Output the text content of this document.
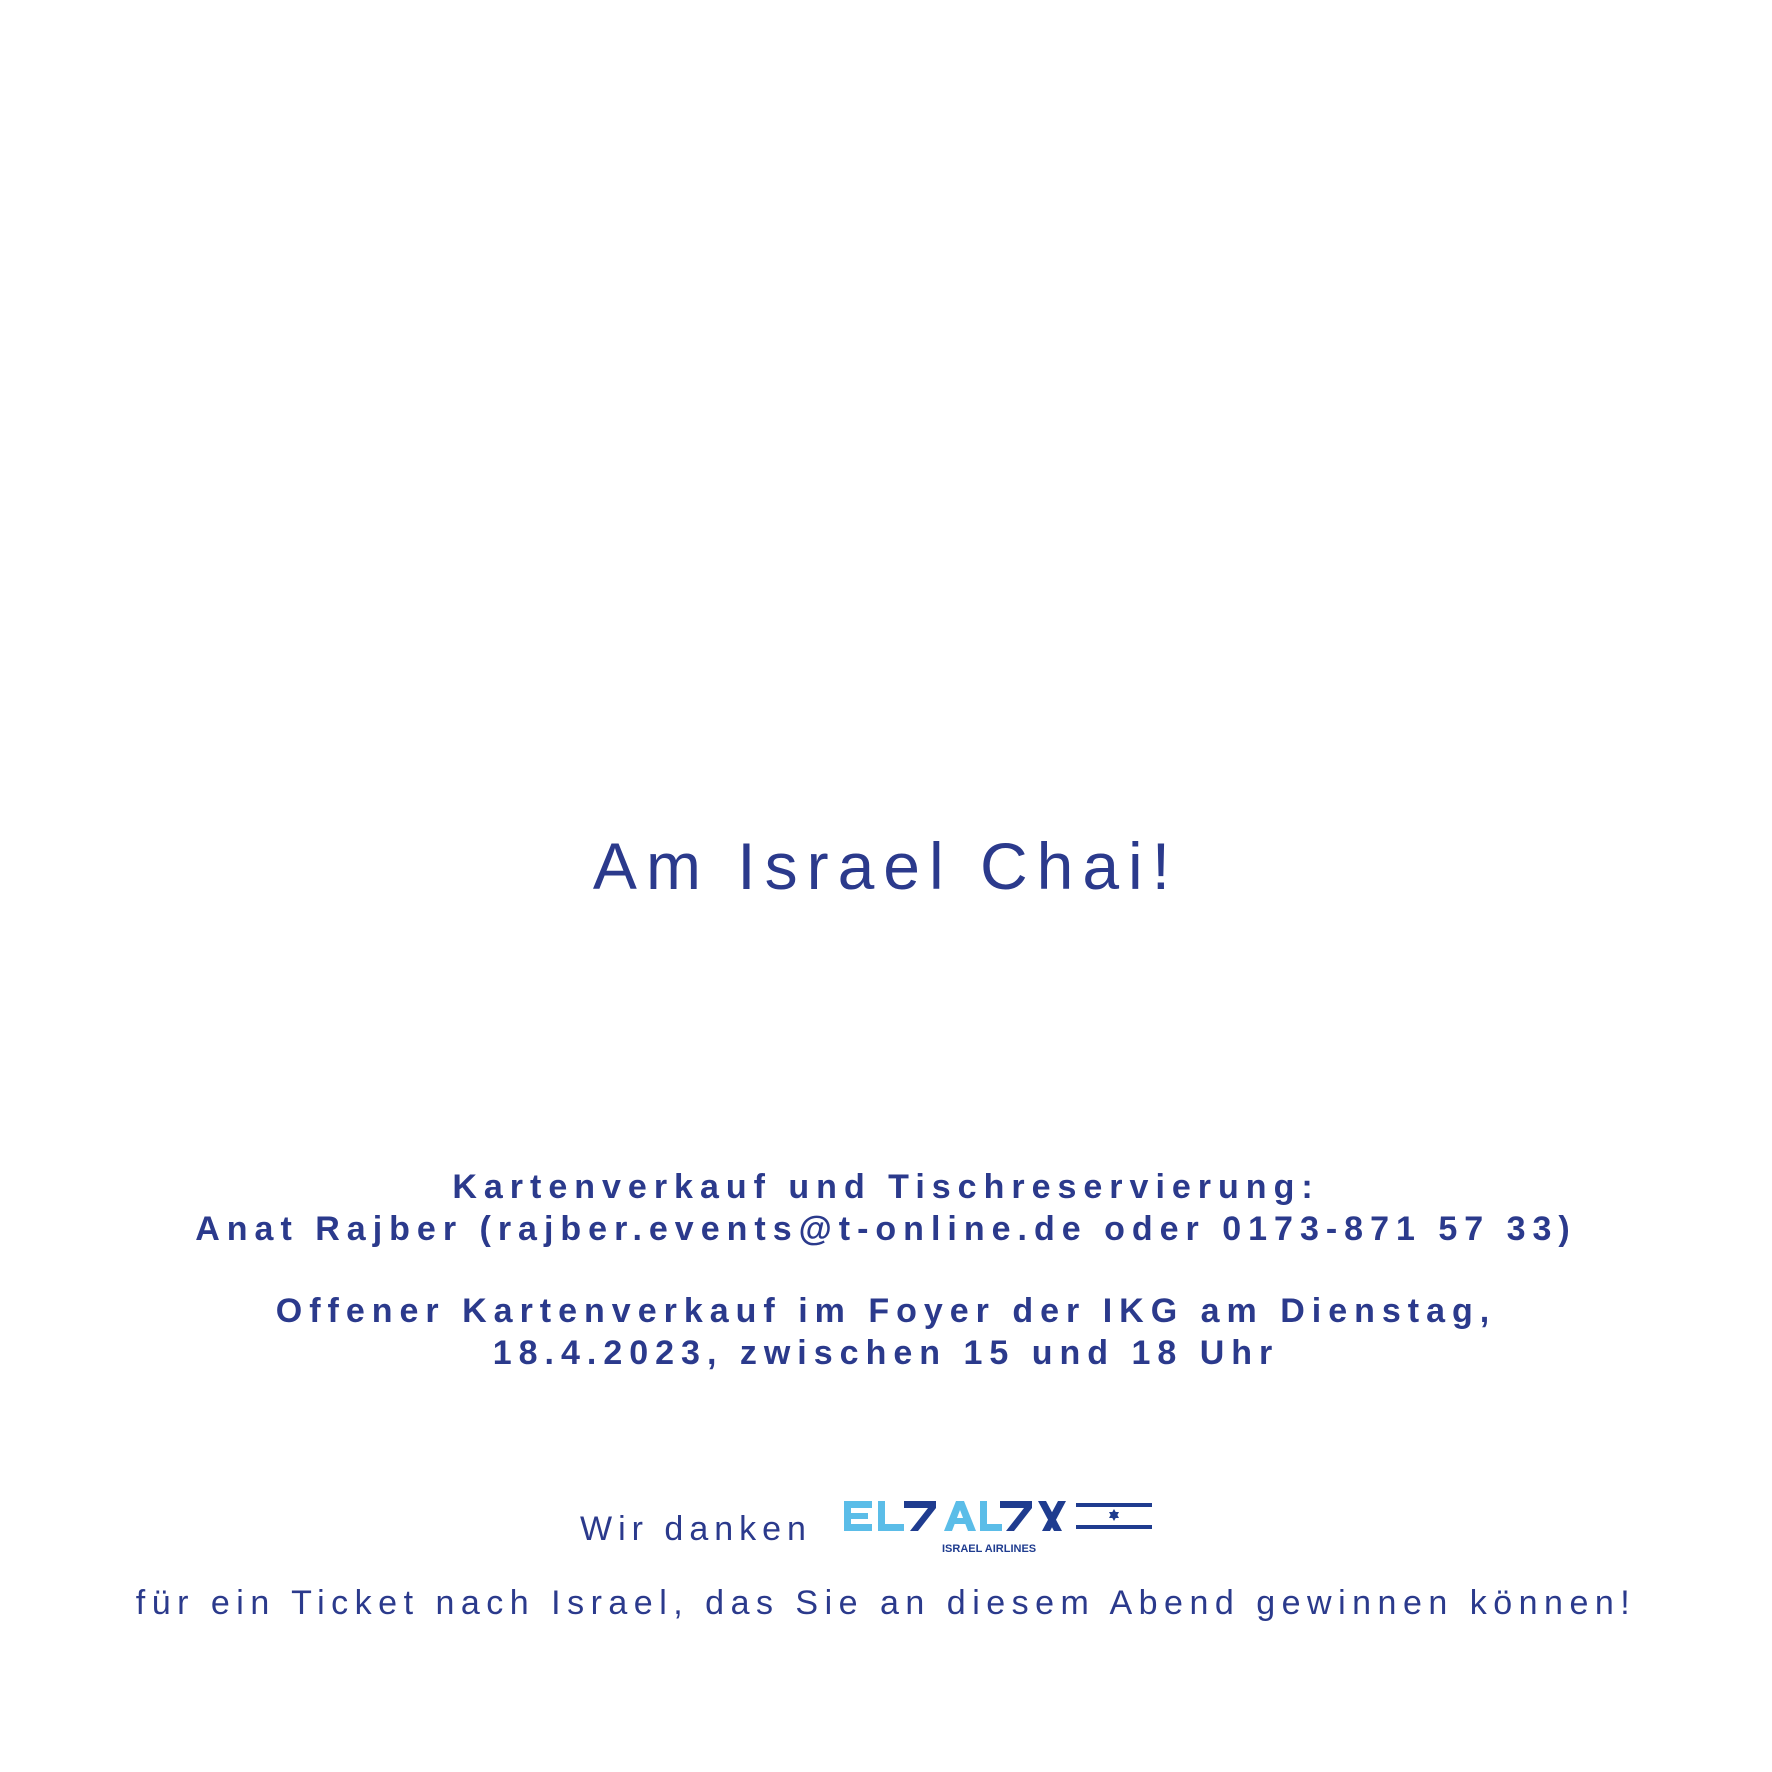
Am Israel Chai!
Kartenverkauf und Tischreservierung:
Anat Rajber (rajber.events@t-online.de oder 0173-871 57 33)
Offener Kartenverkauf im Foyer der IKG am Dienstag,
18.4.2023, zwischen 15 und 18 Uhr
Wir danken
ISRAEL AIRLINES
für ein Ticket nach Israel, das Sie an diesem Abend gewinnen können!
